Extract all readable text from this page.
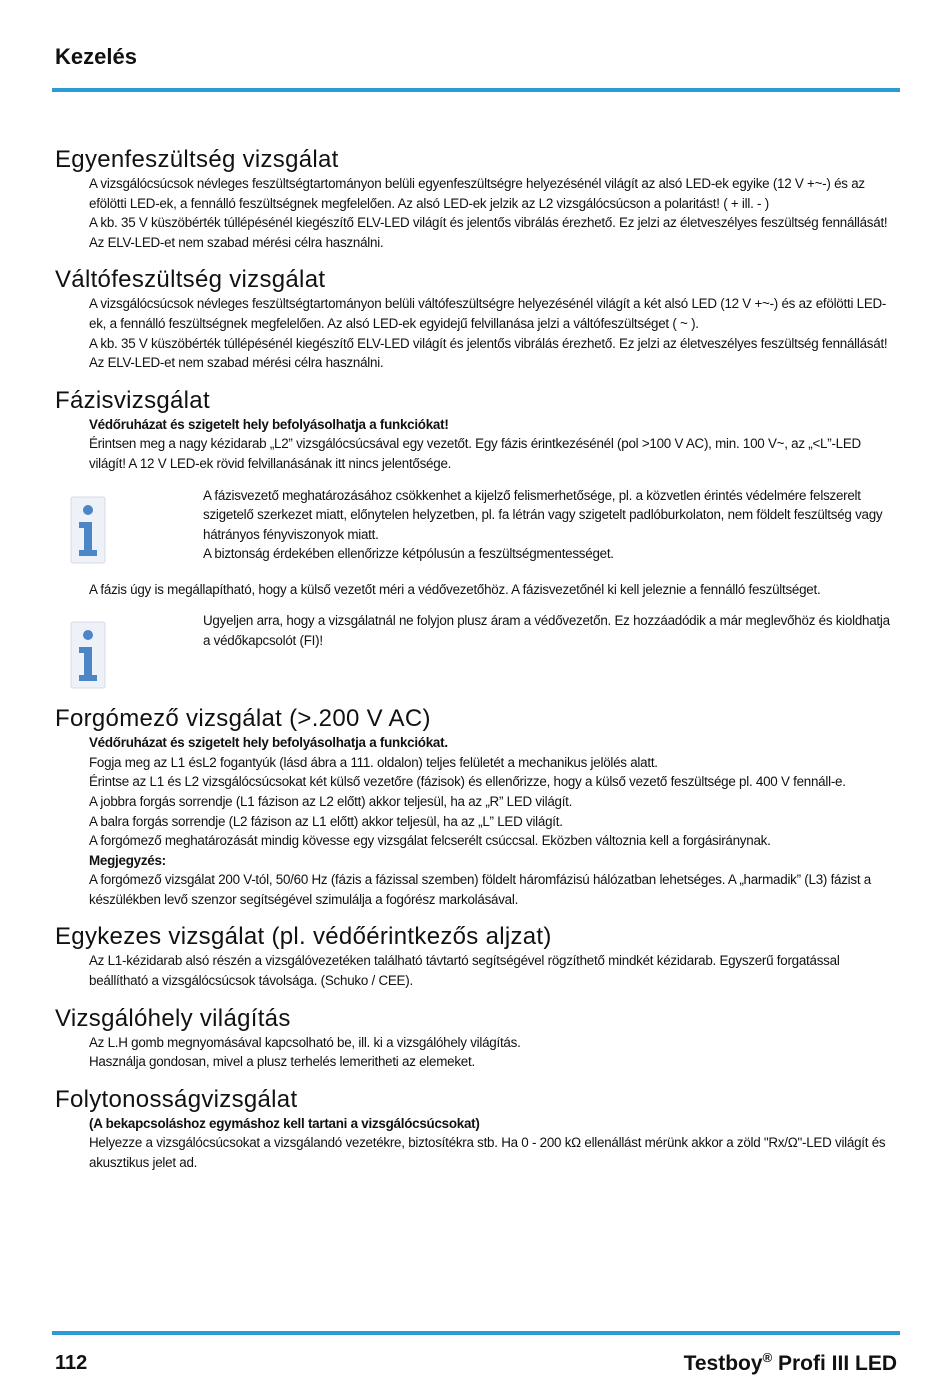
Kezelés
Egyenfeszültség vizsgálat

A vizsgálócsúcsok névleges feszültségtartományon belüli egyenfeszültségre helyezésénél világít az alsó LED-ek egyike (12 V +~-) és az efölötti LED-ek, a fennálló feszültségnek megfelelően. Az alsó LED-ek jelzik az L2 vizsgálócsúcson a polaritást! ( + ill. - )

A kb. 35 V küszöbérték túllépésénél kiegészítő ELV-LED világít és jelentős vibrálás érezhető. Ez jelzi az életveszélyes feszültség fennállását!

Az ELV-LED-et nem szabad mérési célra használni.

Váltófeszültség vizsgálat

A vizsgálócsúcsok névleges feszültségtartományon belüli váltófeszültségre helyezésénél világít a két alsó LED (12 V +~-) és az efölötti LED-ek, a fennálló feszültségnek megfelelően. Az alsó LED-ek egyidejű felvillanása jelzi a váltófeszültséget ( ~ ).

A kb. 35 V küszöbérték túllépésénél kiegészítő ELV-LED világít és jelentős vibrálás érezhető. Ez jelzi az életveszélyes feszültség fennállását!

Az ELV-LED-et nem szabad mérési célra használni.

Fázisvizsgálat

Védőruházat és szigetelt hely befolyásolhatja a funkciókat!

Érintsen meg a nagy kézidarab „L2” vizsgálócsúcsával egy vezetőt. Egy fázis érintkezésénél (pol >100 V AC), min. 100 V~, az „<L”-LED világít! A 12 V LED-ek rövid felvillanásának itt nincs jelentősége.

A fázisvezető meghatározásához csökkenhet a kijelző felismerhetősége, pl. a közvetlen érintés védelmére felszerelt szigetelő szerkezet miatt, előnytelen helyzetben, pl. fa létrán vagy szigetelt padlóburkolaton, nem földelt feszültség vagy hátrányos fényviszonyok miatt.

A biztonság érdekében ellenőrizze kétpólusún a feszültségmentességet.

A fázis úgy is megállapítható, hogy a külső vezetőt méri a védővezetőhöz. A fázisvezetőnél ki kell jeleznie a fennálló feszültséget.

Ugyeljen arra, hogy a vizsgálatnál ne folyjon plusz áram a védővezetőn. Ez hozzáadódik a már meglevőhöz és kioldhatja a védőkapcsolót (FI)!

Forgómező vizsgálat (>.200 V AC)

Védőruházat és szigetelt hely befolyásolhatja a funkciókat.

Fogja meg az L1 ésL2 fogantyúk (lásd ábra a 111. oldalon) teljes felületét a mechanikus jelölés alatt.

Érintse az L1 és L2 vizsgálócsúcsokat két külső vezetőre (fázisok) és ellenőrizze, hogy a külső vezető feszültsége pl. 400 V fennáll-e.

A jobbra forgás sorrendje (L1 fázison az L2 előtt) akkor teljesül, ha az „R” LED világít.

A balra forgás sorrendje (L2 fázison az L1 előtt) akkor teljesül, ha az „L” LED világít.

A forgómező meghatározását mindig kövesse egy vizsgálat felcserélt csúccsal. Eközben változnia kell a forgásiránynak.

Megjegyzés:

A forgómező vizsgálat 200 V-tól, 50/60 Hz (fázis a fázissal szemben) földelt háromfázisú hálózatban lehetséges. A „harmadik” (L3) fázist a készülékben levő szenzor segítségével szimulálja a fogórész markolásával.

Egykezes vizsgálat (pl. védőérintkezős aljzat)

Az L1-kézidarab alsó részén a vizsgálóvezetéken található távtartó segítségével rögzíthető mindkét kézidarab. Egyszerű forgatással beállítható a vizsgálócsúcsok távolsága. (Schuko / CEE).

Vizsgálóhely világítás

Az L.H gomb megnyomásával kapcsolható be, ill. ki a vizsgálóhely világítás.

Használja gondosan, mivel a plusz terhelés lemeritheti az elemeket.

Folytonosságvizsgálat

(A bekapcsoláshoz egymáshoz kell tartani a vizsgálócsúcsokat)

Helyezze a vizsgálócsúcsokat a vizsgálandó vezetékre, biztosítékra stb. Ha 0 - 200 kΩ ellenállást mérünk akkor a zöld "Rx/Ω"-LED világít és akusztikus jelet ad.

112	Testboy® Profi III LED
